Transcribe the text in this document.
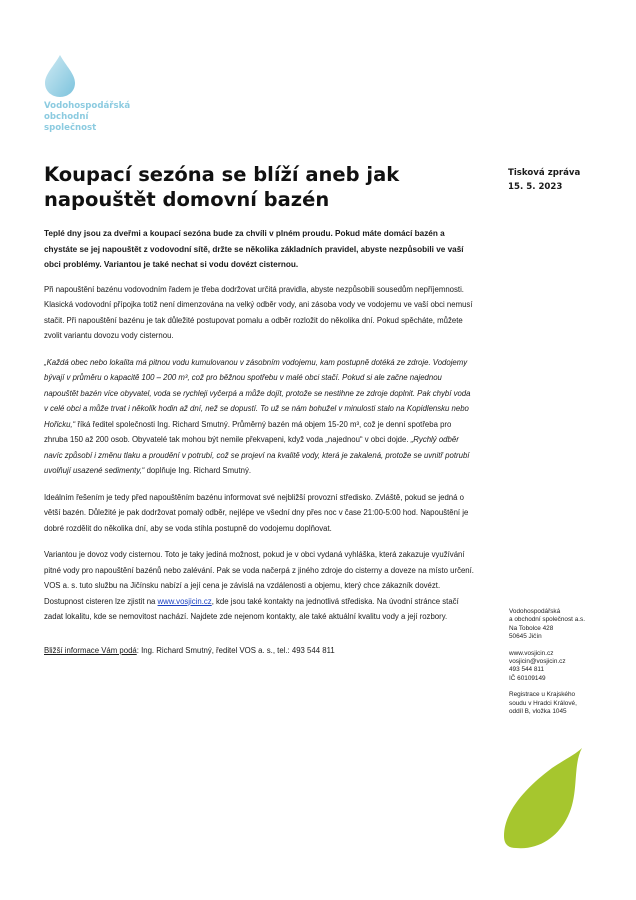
Vodohospodářská
obchodní
společnost
Koupací sezóna se blíží aneb jak napouštět domovní bazén
Tisková zpráva
15. 5. 2023

Teplé dny jsou za dveřmi a koupací sezóna bude za chvíli v plném proudu. Pokud máte domácí bazén a chystáte se jej napouštět z vodovodní sítě, držte se několika základních pravidel, abyste nezpůsobili ve vaší obci problémy. Variantou je také nechat si vodu dovézt cisternou.

Při napouštění bazénu vodovodním řadem je třeba dodržovat určitá pravidla, abyste nezpůsobili sousedům nepříjemnosti. Klasická vodovodní přípojka totiž není dimenzována na velký odběr vody, ani zásoba vody ve vodojemu ve vaší obci nemusí stačit. Při napouštění bazénu je tak důležité postupovat pomalu a odběr rozložit do několika dní. Pokud spěcháte, můžete zvolit variantu dovozu vody cisternou.

„Každá obec nebo lokalita má pitnou vodu kumulovanou v zásobním vodojemu, kam postupně dotéká ze zdroje. Vodojemy bývají v průměru o kapacitě 100 – 200 m³, což pro běžnou spotřebu v malé obci stačí. Pokud si ale začne najednou napouštět bazén více obyvatel, voda se rychleji vyčerpá a může dojít, protože se nestihne ze zdroje doplnit. Pak chybí voda v celé obci a může trvat i několik hodin až dní, než se dopustí. To už se nám bohužel v minulosti stalo na Kopidlensku nebo Hořicku,“ říká ředitel společnosti Ing. Richard Smutný. Průměrný bazén má objem 15-20 m³, což je denní spotřeba pro zhruba 150 až 200 osob. Obyvatelé tak mohou být nemile překvapeni, když voda „najednou“ v obci dojde. „Rychlý odběr navíc způsobí i změnu tlaku a proudění v potrubí, což se projeví na kvalitě vody, která je zakalená, protože se uvnitř potrubí uvolňují usazené sedimenty,“ doplňuje Ing. Richard Smutný.

Ideálním řešením je tedy před napouštěním bazénu informovat své nejbližší provozní středisko. Zvláště, pokud se jedná o větší bazén. Důležité je pak dodržovat pomalý odběr, nejlépe ve všední dny přes noc v čase 21:00-5:00 hod. Napouštění je dobré rozdělit do několika dní, aby se voda stihla postupně do vodojemu doplňovat.

Variantou je dovoz vody cisternou. Toto je taky jediná možnost, pokud je v obci vydaná vyhláška, která zakazuje využívání pitné vody pro napouštění bazénů nebo zalévání. Pak se voda načerpá z jiného zdroje do cisterny a doveze na místo určení. VOS a. s. tuto službu na Jičínsku nabízí a její cena je závislá na vzdálenosti a objemu, který chce zákazník dovézt. Dostupnost cisteren lze zjistit na www.vosjicin.cz, kde jsou také kontakty na jednotlivá střediska. Na úvodní stránce stačí zadat lokalitu, kde se nemovitost nachází. Najdete zde nejenom kontakty, ale také aktuální kvalitu vody a její rozbory.

Bližší informace Vám podá: Ing. Richard Smutný, ředitel VOS a. s., tel.: 493 544 811

Vodohospodářská
a obchodní společnost a.s.
Na Tobolce 428
50645 Jičín
www.vosjicin.cz
vosjicin@vosjicin.cz
493 544 811
IČ 60109149
Registrace u Krajského
soudu v Hradci Králové,
oddíl B, vložka 1045
